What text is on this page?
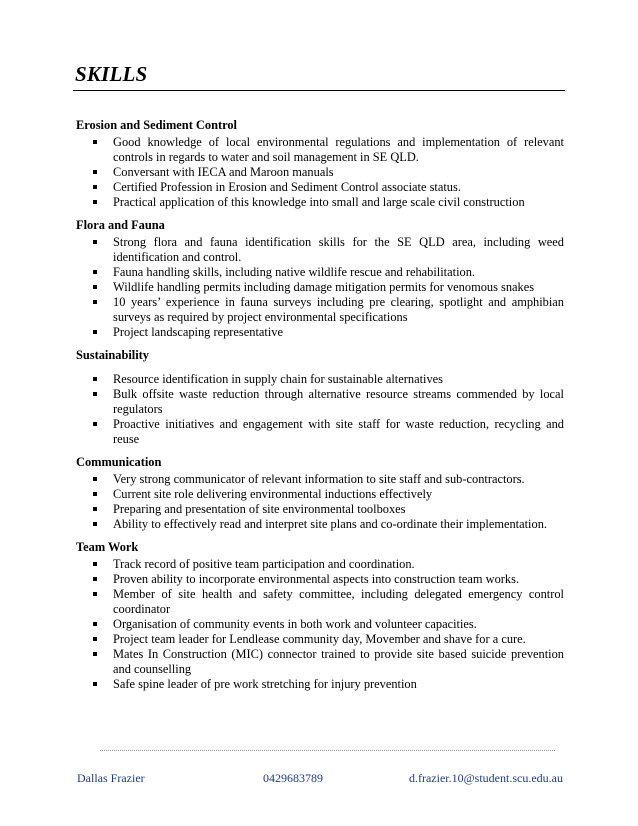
SKILLS
Erosion and Sediment Control
Good knowledge of local environmental regulations and implementation of relevant controls in regards to water and soil management in SE QLD.
Conversant with IECA and Maroon manuals
Certified Profession in Erosion and Sediment Control associate status.
Practical application of this knowledge into small and large scale civil construction
Flora and Fauna
Strong flora and fauna identification skills for the SE QLD area, including weed identification and control.
Fauna handling skills, including native wildlife rescue and rehabilitation.
Wildlife handling permits including damage mitigation permits for venomous snakes
10 years’ experience in fauna surveys including pre clearing, spotlight and amphibian surveys as required by project environmental specifications
Project landscaping representative
Sustainability
Resource identification in supply chain for sustainable alternatives
Bulk offsite waste reduction through alternative resource streams commended by local regulators
Proactive initiatives and engagement with site staff for waste reduction, recycling and reuse
Communication
Very strong communicator of relevant information to site staff and sub-contractors.
Current site role delivering environmental inductions effectively
Preparing and presentation of site environmental toolboxes
Ability to effectively read and interpret site plans and co-ordinate their implementation.
Team Work
Track record of positive team participation and coordination.
Proven ability to incorporate environmental aspects into construction team works.
Member of site health and safety committee, including delegated emergency control coordinator
Organisation of community events in both work and volunteer capacities.
Project team leader for Lendlease community day, Movember and shave for a cure.
Mates In Construction (MIC) connector trained to provide site based suicide prevention and counselling
Safe spine leader of pre work stretching for injury prevention
Dallas Frazier	0429683789	d.frazier.10@student.scu.edu.au
